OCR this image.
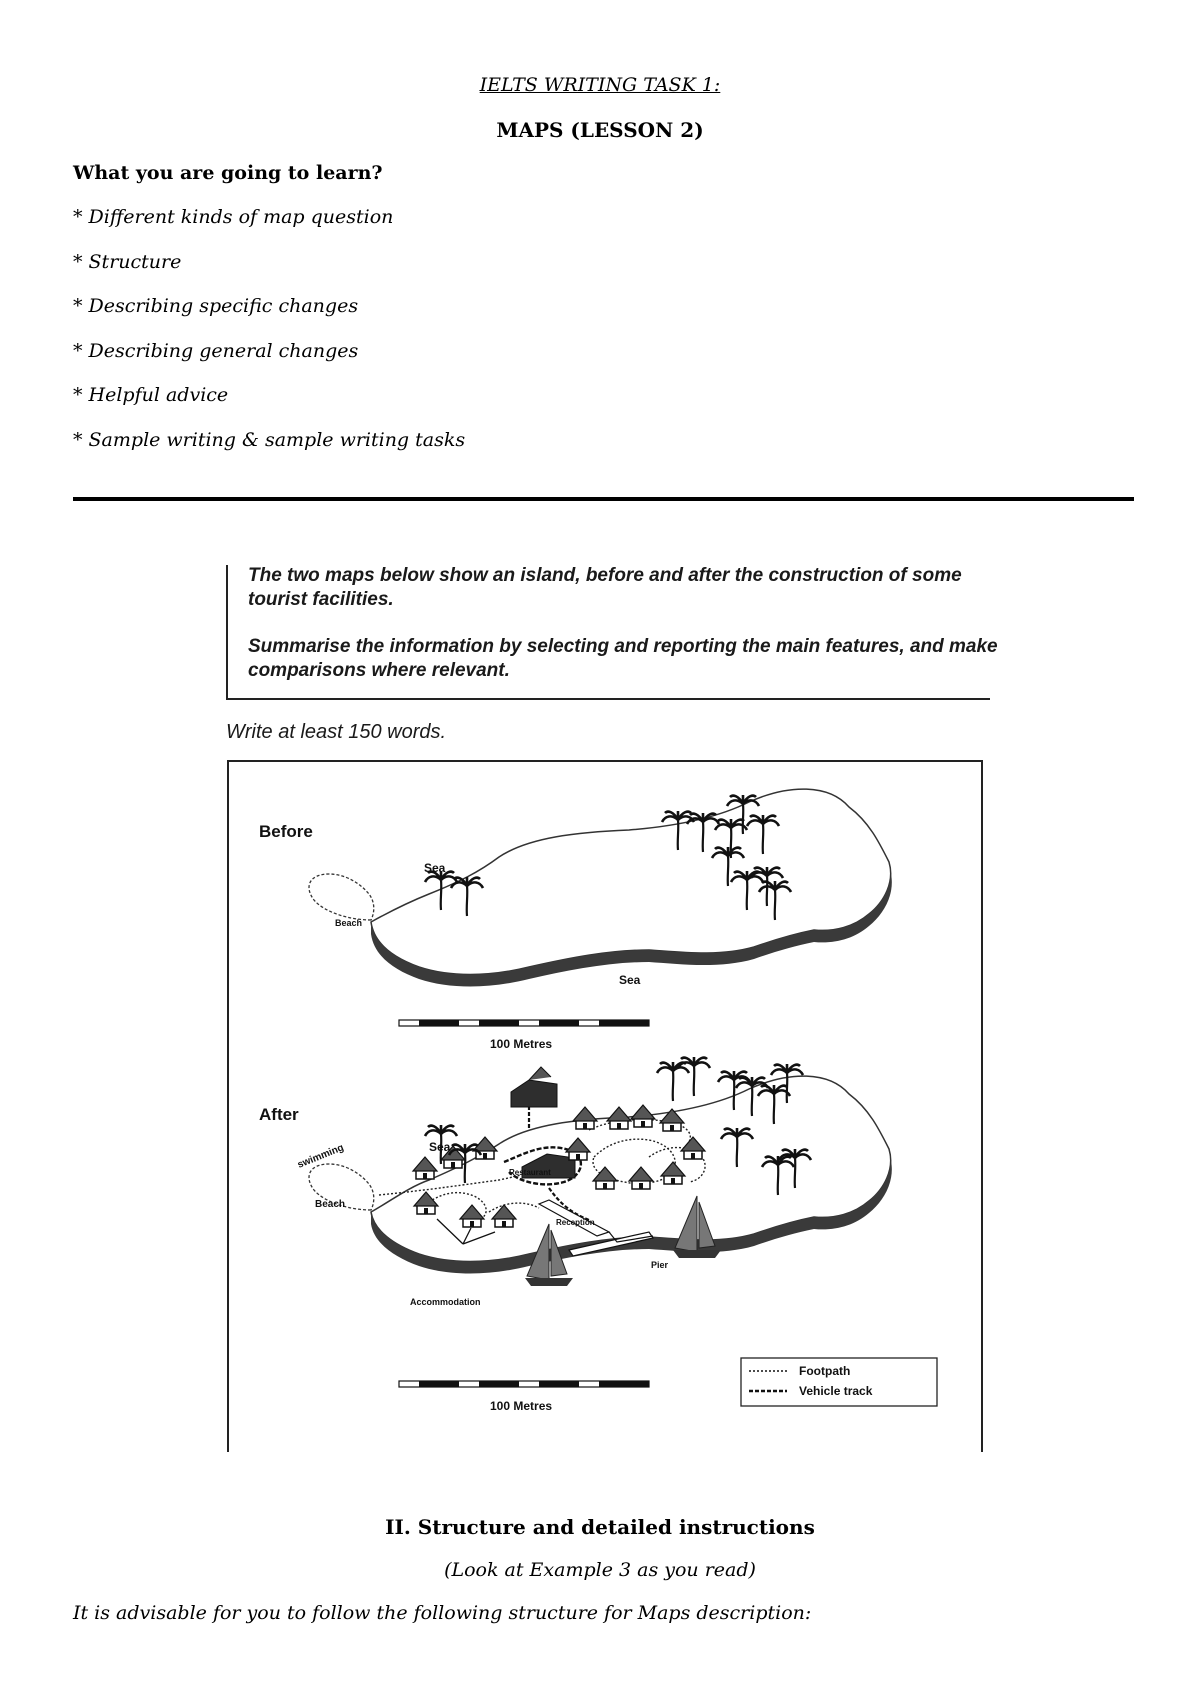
IELTS WRITING TASK 1:
MAPS (LESSON 2)
What you are going to learn?
* Different kinds of map question
* Structure
* Describing specific changes
* Describing general changes
* Helpful advice
* Sample writing & sample writing tasks
The two maps below show an island, before and after the construction of some tourist facilities.
Summarise the information by selecting and reporting the main features, and make comparisons where relevant.
Write at least 150 words.
Before
Sea
Sea
Beach
100 Metres
After
Sea
swimming
Beach
Restaurant
Reception
Pier
Accommodation
Footpath
Vehicle track
100 Metres
II. Structure and detailed instructions
(Look at Example 3 as you read)
It is advisable for you to follow the following structure for Maps description:
